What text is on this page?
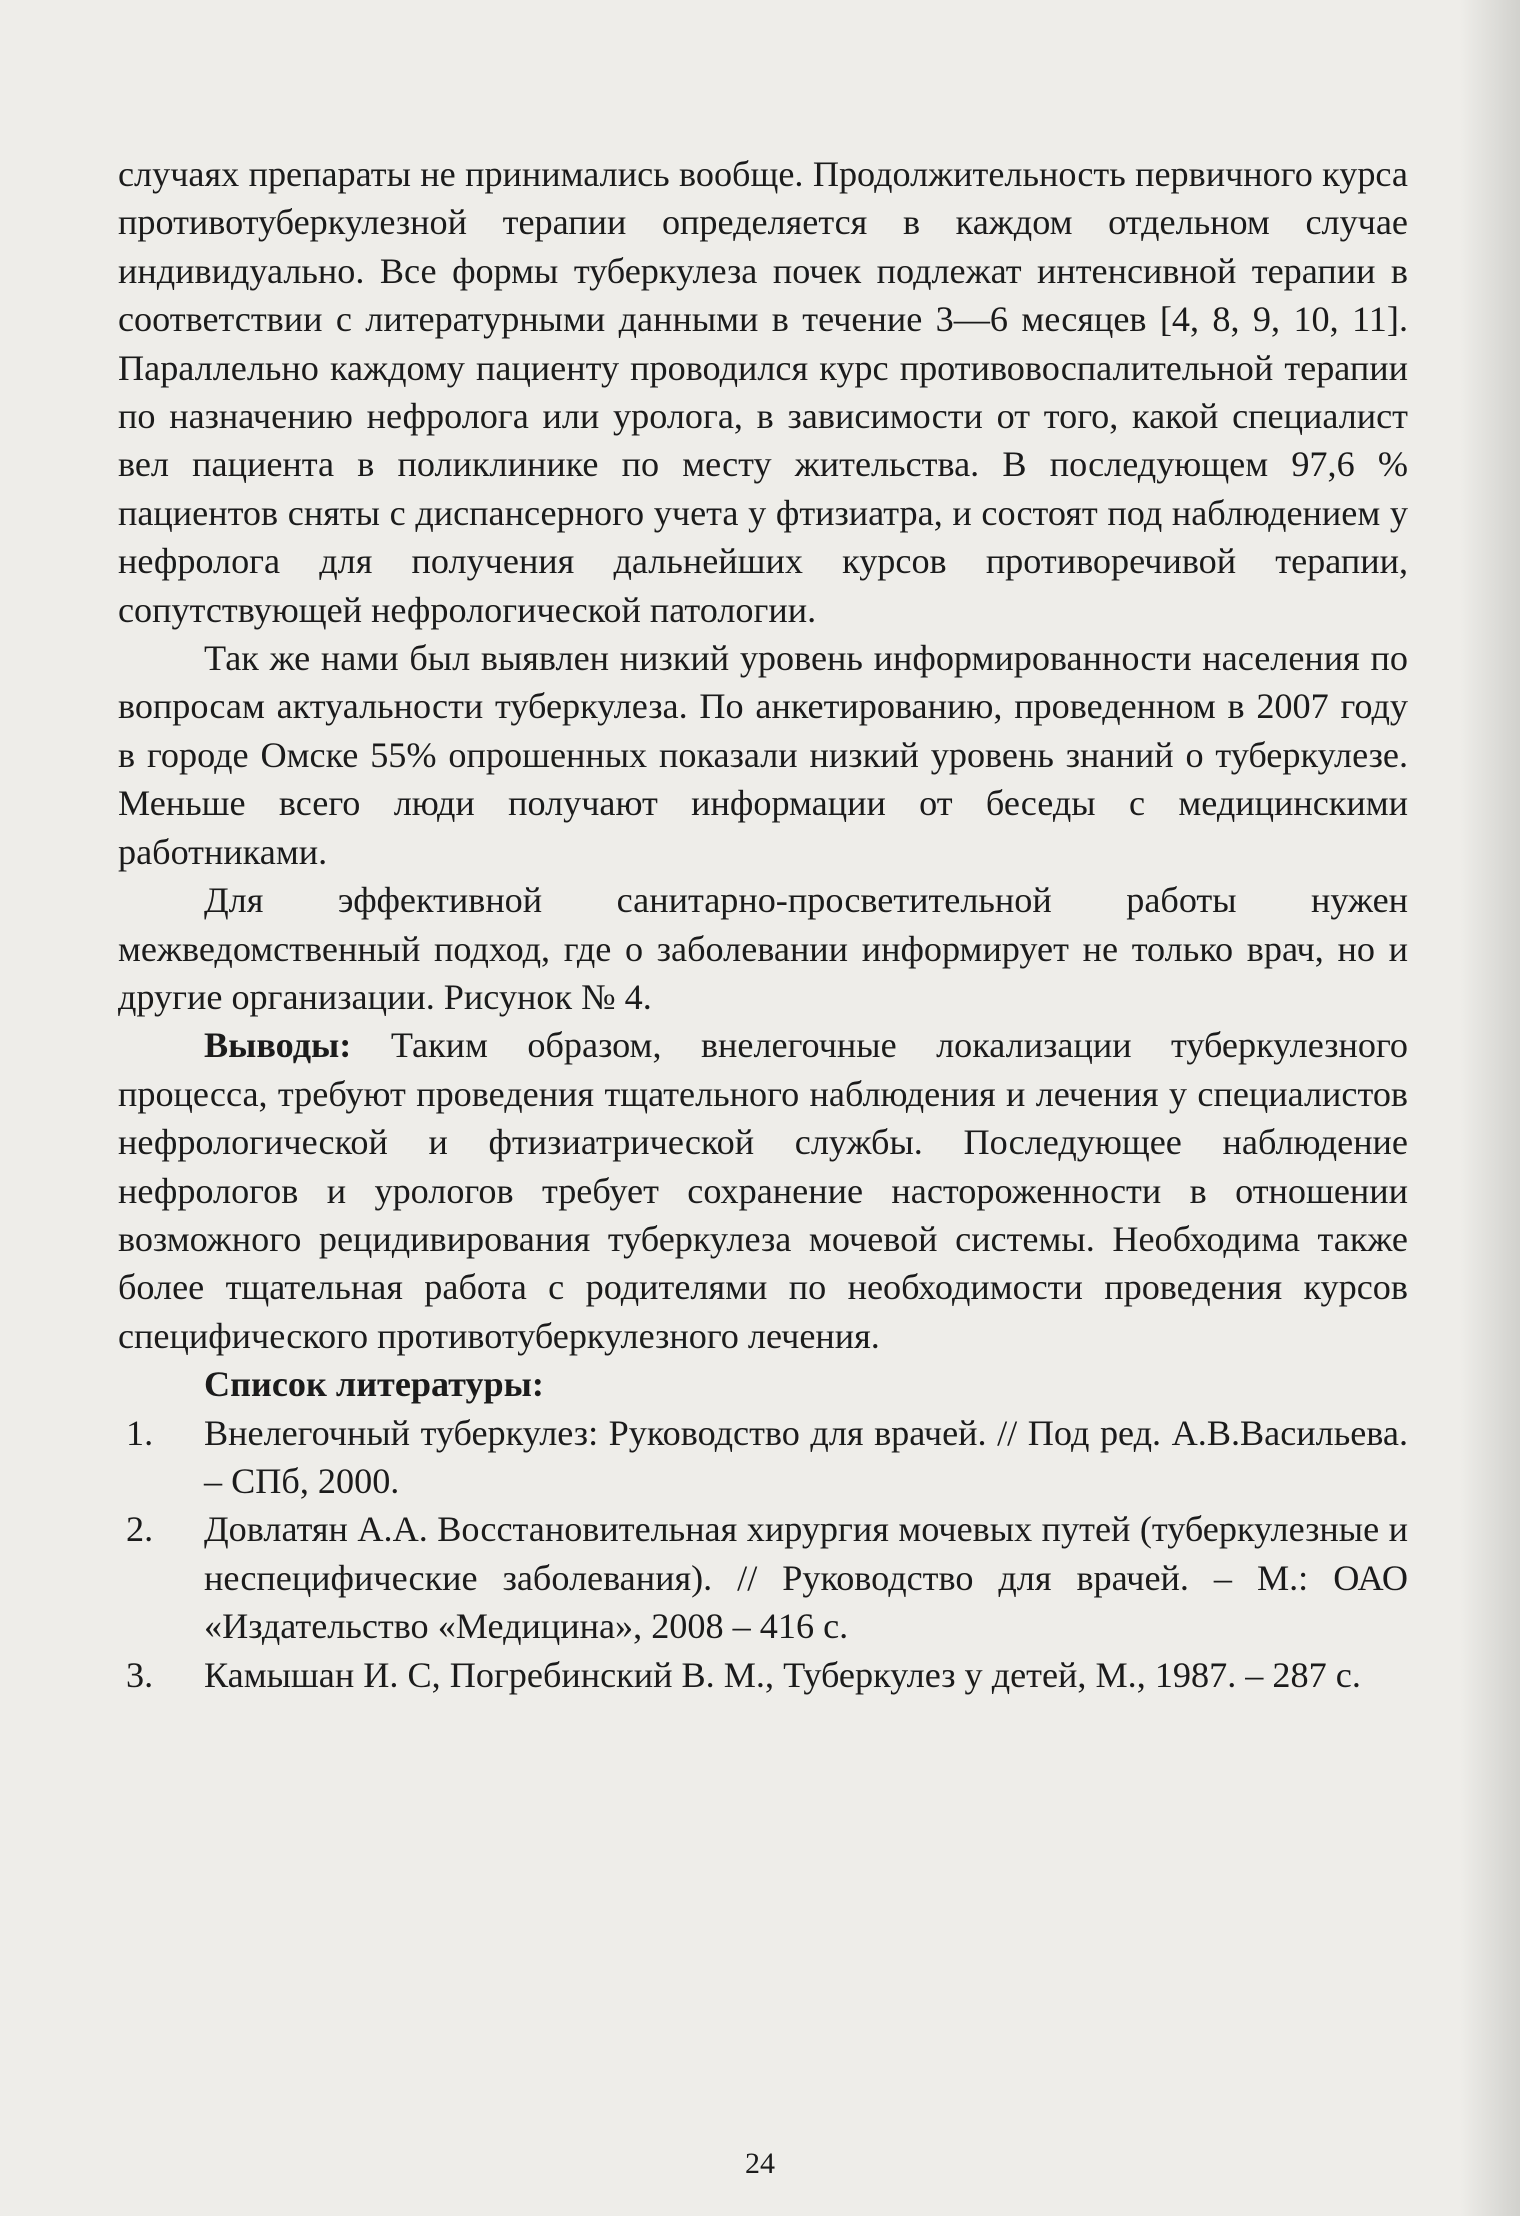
случаях препараты не принимались вообще. Продолжительность первичного курса противотуберкулезной терапии определяется в каждом отдельном случае индивидуально. Все формы туберкулеза почек подлежат интенсивной терапии в соответствии с литературными данными в течение 3—6 месяцев [4, 8, 9, 10, 11]. Параллельно каждому пациенту проводился курс противовоспалительной терапии по назначению нефролога или уролога, в зависимости от того, какой специалист вел пациента в поликлинике по месту жительства. В последующем 97,6 % пациентов сняты с диспансерного учета у фтизиатра, и состоят под наблюдением у нефролога для получения дальнейших курсов противоречивой терапии, сопутствующей нефрологической патологии.

Так же нами был выявлен низкий уровень информированности населения по вопросам актуальности туберкулеза. По анкетированию, проведенном в 2007 году в городе Омске 55% опрошенных показали низкий уровень знаний о туберкулезе. Меньше всего люди получают информации от беседы с медицинскими работниками.

Для эффективной санитарно-просветительной работы нужен межведомственный подход, где о заболевании информирует не только врач, но и другие организации. Рисунок № 4.

Выводы: Таким образом, внелегочные локализации туберкулезного процесса, требуют проведения тщательного наблюдения и лечения у специалистов нефрологической и фтизиатрической службы. Последующее наблюдение нефрологов и урологов требует сохранение настороженности в отношении возможного рецидивирования туберкулеза мочевой системы. Необходима также более тщательная работа с родителями по необходимости проведения курсов специфического противотуберкулезного лечения.

Список литературы:

1.	Внелегочный туберкулез: Руководство для врачей. // Под ред. А.В.Васильева. – СПб, 2000.
2.	Довлатян А.А. Восстановительная хирургия мочевых путей (туберкулезные и неспецифические заболевания). // Руководство для врачей. – М.: ОАО «Издательство «Медицина», 2008 – 416 с.
3.	Камышан И. С, Погребинский В. М., Туберкулез у детей, М., 1987. – 287 с.
24
